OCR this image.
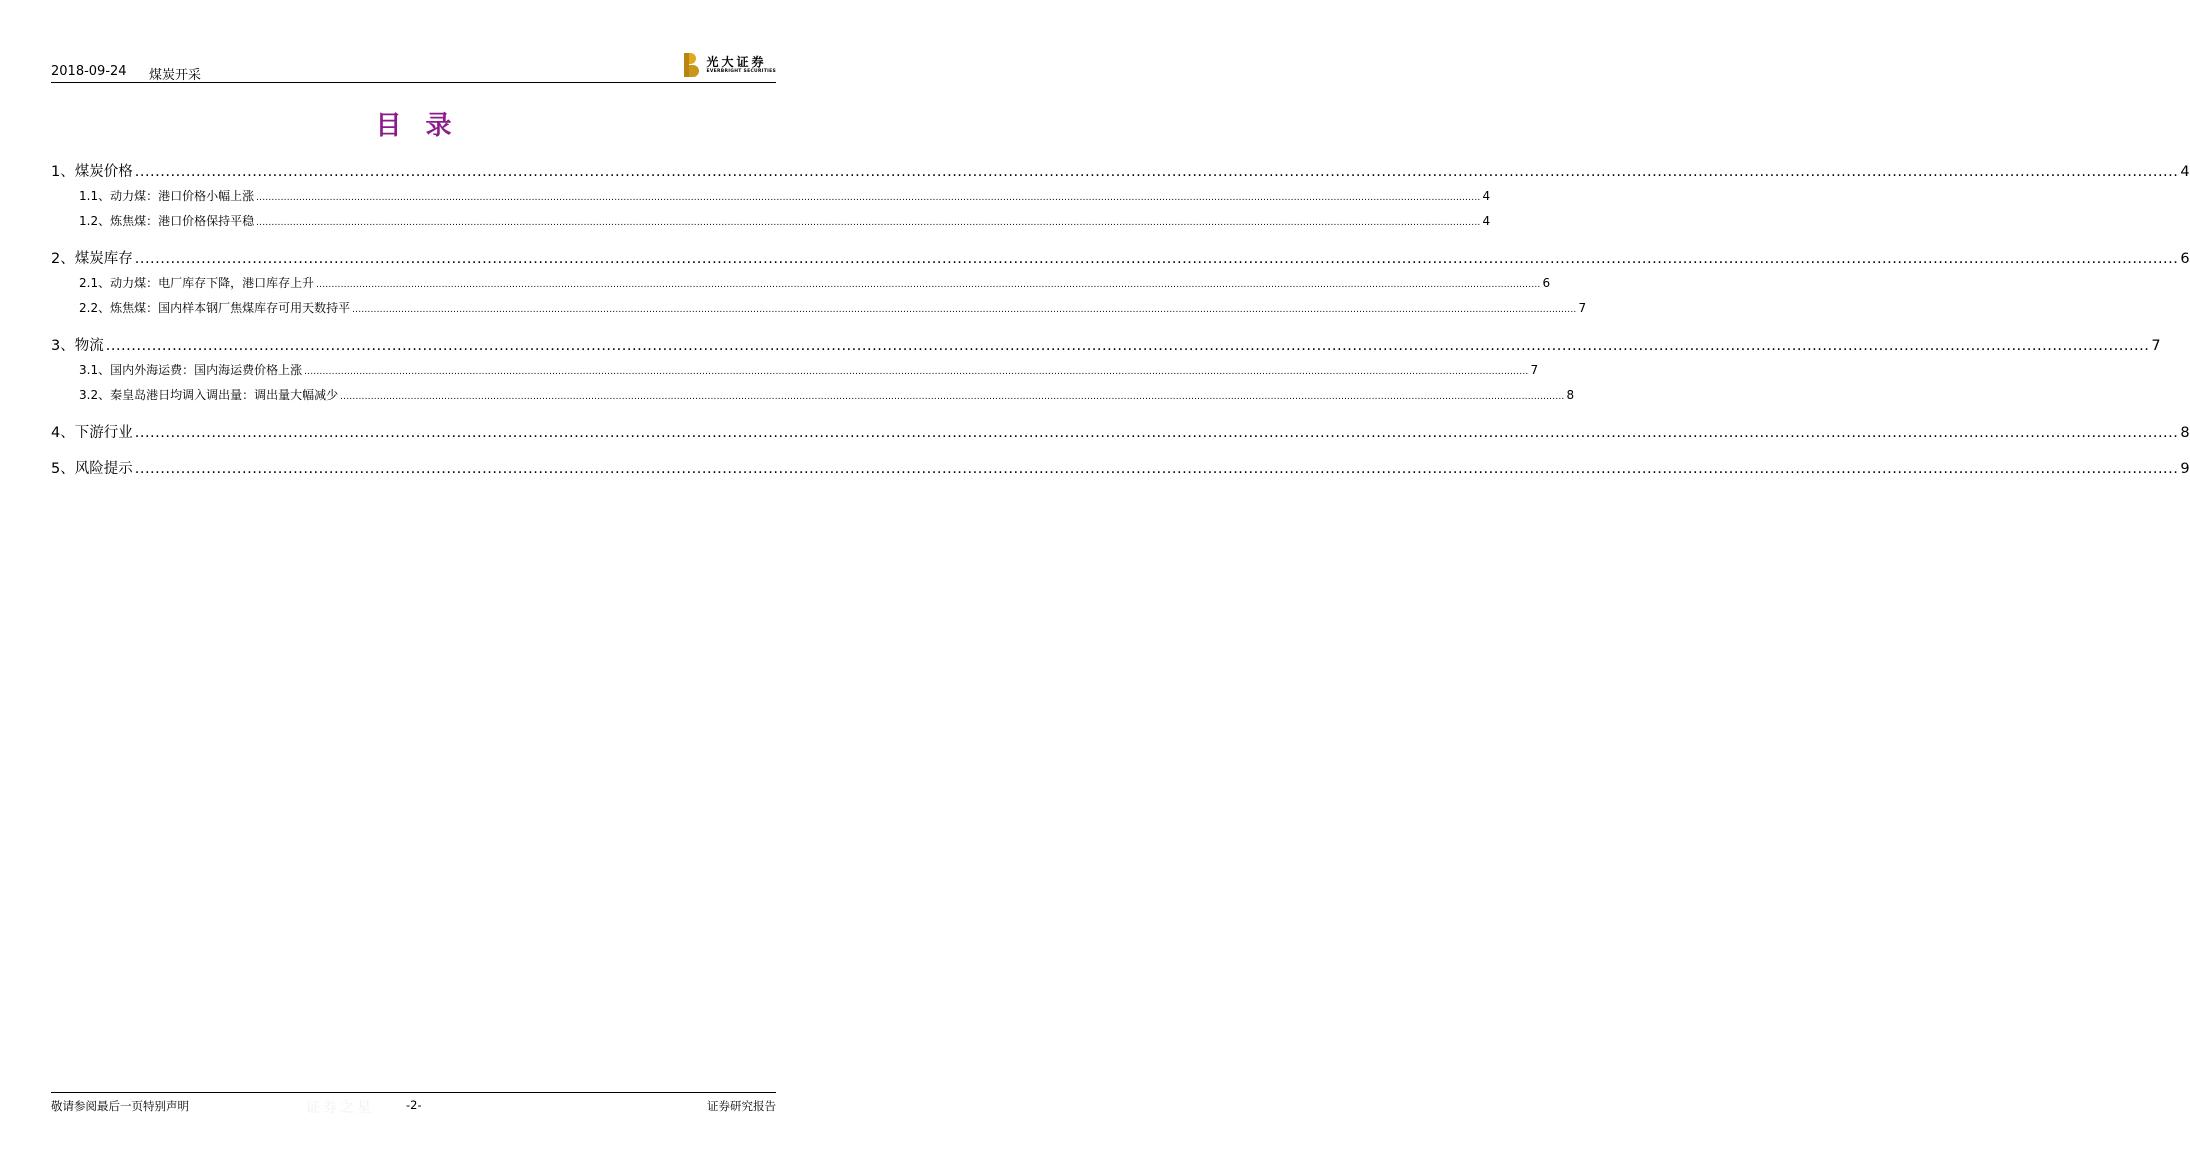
2018-09-24 煤炭开采
光大证券
EVERBRIGHT SECURITIES
目录
1、 煤炭价格 ................................................................................................................................................................................................................................................................................................................................................................................................................ 4
1.1、 动力煤：港口价格小幅上涨 ................................................................................................................................................................................................................................................................................................................................................................................................................ 4
1.2、 炼焦煤：港口价格保持平稳 ................................................................................................................................................................................................................................................................................................................................................................................................................ 4
2、 煤炭库存 ................................................................................................................................................................................................................................................................................................................................................................................................................ 6
2.1、 动力煤：电厂库存下降，港口库存上升 ................................................................................................................................................................................................................................................................................................................................................................................................................ 6
2.2、 炼焦煤：国内样本钢厂焦煤库存可用天数持平 ................................................................................................................................................................................................................................................................................................................................................................................................................ 7
3、 物流 ................................................................................................................................................................................................................................................................................................................................................................................................................ 7
3.1、 国内外海运费：国内海运费价格上涨 ................................................................................................................................................................................................................................................................................................................................................................................................................ 7
3.2、 秦皇岛港日均调入调出量：调出量大幅减少 ................................................................................................................................................................................................................................................................................................................................................................................................................ 8
4、 下游行业 ................................................................................................................................................................................................................................................................................................................................................................................................................ 8
5、 风险提示 ................................................................................................................................................................................................................................................................................................................................................................................................................ 9
敬请参阅最后一页特别声明	证券之星	-2-	证券研究报告
